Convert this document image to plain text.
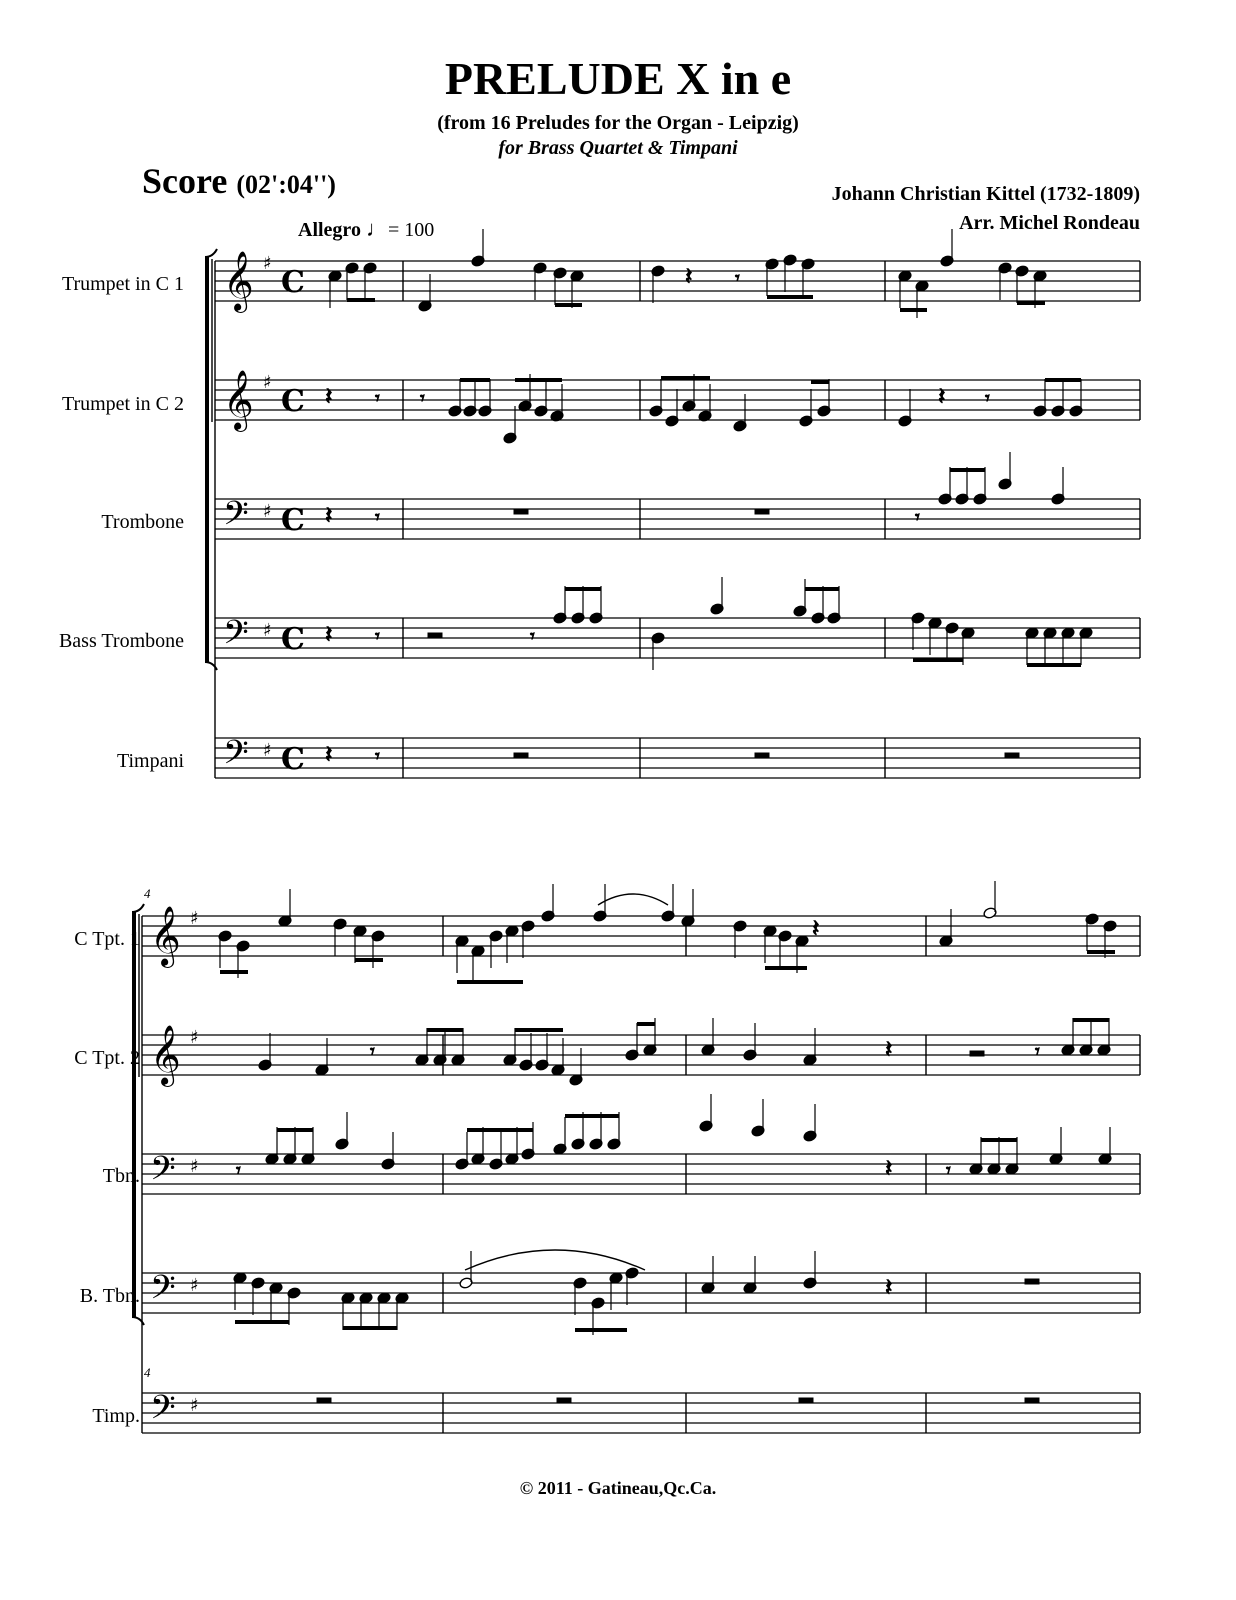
PRELUDE X in e
(from 16 Preludes for the Organ - Leipzig)
for Brass Quartet & Timpani
Score (02':04'')	Johann Christian Kittel (1732-1809)
Arr. Michel Rondeau
Allegro ♩= 100
Trumpet in C 1
Trumpet in C 2
Trombone
Bass Trombone
Timpani
C Tpt. 1
C Tpt. 2
Tbn.
B. Tbn.
Timp.
4
4
𝄞 ♯
C
𝄞 ♯
C
𝄢 ♯ C
𝄢 ♯ C
𝄢 ♯ C
𝄞 ♯
𝄞 ♯
𝄢 ♯
𝄢 ♯
𝄢 ♯
𝄽 𝄾
𝄽 𝄾 𝄾	𝄽 𝄾
𝄽 𝄾	𝄾
𝄽 𝄾	𝄾
𝄽 𝄾
𝄽
𝄾	𝄽	𝄾
𝄾	𝄽	𝄾
𝄽
© 2011 - Gatineau,Qc.Ca.
